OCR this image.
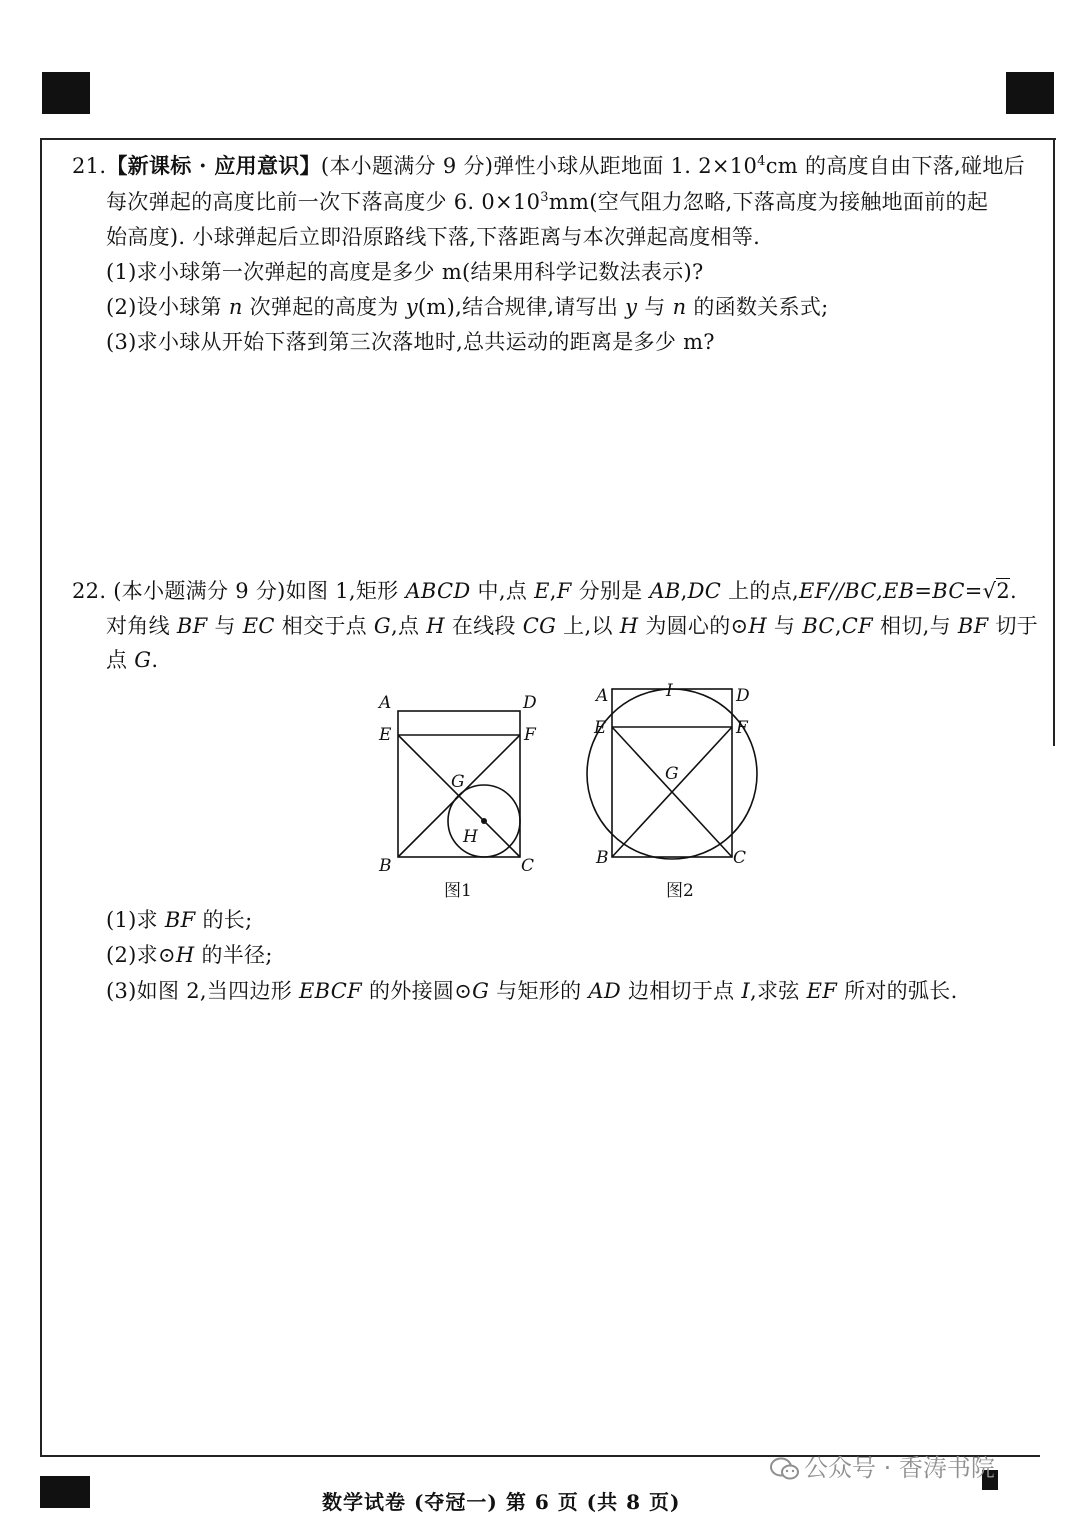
21.【新课标 · 应用意识】(本小题满分 9 分)弹性小球从距地面 1. $2\times 10^4cm$ 的高度自由下落,碰地后
每次弹起的高度比前一次下落高度少 6. $0\times 10^3mm$(空气阻力忽略,下落高度为接触地面前的起
始高度). 小球弹起后立即沿原路线下落,下落距离与本次弹起高度相等.
(1)求小球第一次弹起的高度是多少 m(结果用科学记数法表示)?
(2)设小球第 n 次弹起的高度为 y(m),结合规律,请写出 y 与 n 的函数关系式;
(3)求小球从开始下落到第三次落地时,总共运动的距离是多少 m?
22. (本小题满分 9 分)如图 1,矩形 ABCD 中,点 E,F 分别是 AB,DC 上的点,EF//BC,EB=BC=√2.
对角线 BF 与 EC 相交于点 G,点 H 在线段 CG 上,以 H 为圆心的⊙H 与 BC,CF 相切,与 BF 切于
点 G.
A	D
E	F
G
H
B	C
图1
A	I	D
E	F
G
B	C
图2
(1)求 BF 的长;
(2)求⊙H 的半径;
(3)如图 2,当四边形 EBCF 的外接圆⊙G 与矩形的 AD 边相切于点 I,求弦 EF 所对的弧长.
公众号 · 香涛书院
数学试卷 (夺冠一) 第 6 页 (共 8 页)
